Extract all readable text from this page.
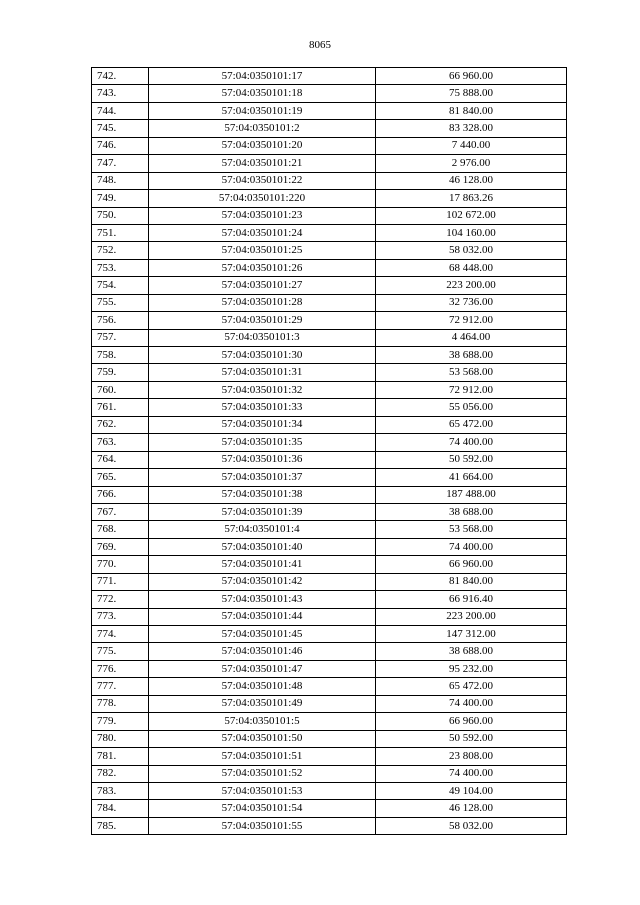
8065
742.	57:04:0350101:17	66 960.00
743.	57:04:0350101:18	75 888.00
744.	57:04:0350101:19	81 840.00
745.	57:04:0350101:2	83 328.00
746.	57:04:0350101:20	7 440.00
747.	57:04:0350101:21	2 976.00
748.	57:04:0350101:22	46 128.00
749.	57:04:0350101:220	17 863.26
750.	57:04:0350101:23	102 672.00
751.	57:04:0350101:24	104 160.00
752.	57:04:0350101:25	58 032.00
753.	57:04:0350101:26	68 448.00
754.	57:04:0350101:27	223 200.00
755.	57:04:0350101:28	32 736.00
756.	57:04:0350101:29	72 912.00
757.	57:04:0350101:3	4 464.00
758.	57:04:0350101:30	38 688.00
759.	57:04:0350101:31	53 568.00
760.	57:04:0350101:32	72 912.00
761.	57:04:0350101:33	55 056.00
762.	57:04:0350101:34	65 472.00
763.	57:04:0350101:35	74 400.00
764.	57:04:0350101:36	50 592.00
765.	57:04:0350101:37	41 664.00
766.	57:04:0350101:38	187 488.00
767.	57:04:0350101:39	38 688.00
768.	57:04:0350101:4	53 568.00
769.	57:04:0350101:40	74 400.00
770.	57:04:0350101:41	66 960.00
771.	57:04:0350101:42	81 840.00
772.	57:04:0350101:43	66 916.40
773.	57:04:0350101:44	223 200.00
774.	57:04:0350101:45	147 312.00
775.	57:04:0350101:46	38 688.00
776.	57:04:0350101:47	95 232.00
777.	57:04:0350101:48	65 472.00
778.	57:04:0350101:49	74 400.00
779.	57:04:0350101:5	66 960.00
780.	57:04:0350101:50	50 592.00
781.	57:04:0350101:51	23 808.00
782.	57:04:0350101:52	74 400.00
783.	57:04:0350101:53	49 104.00
784.	57:04:0350101:54	46 128.00
785.	57:04:0350101:55	58 032.00
